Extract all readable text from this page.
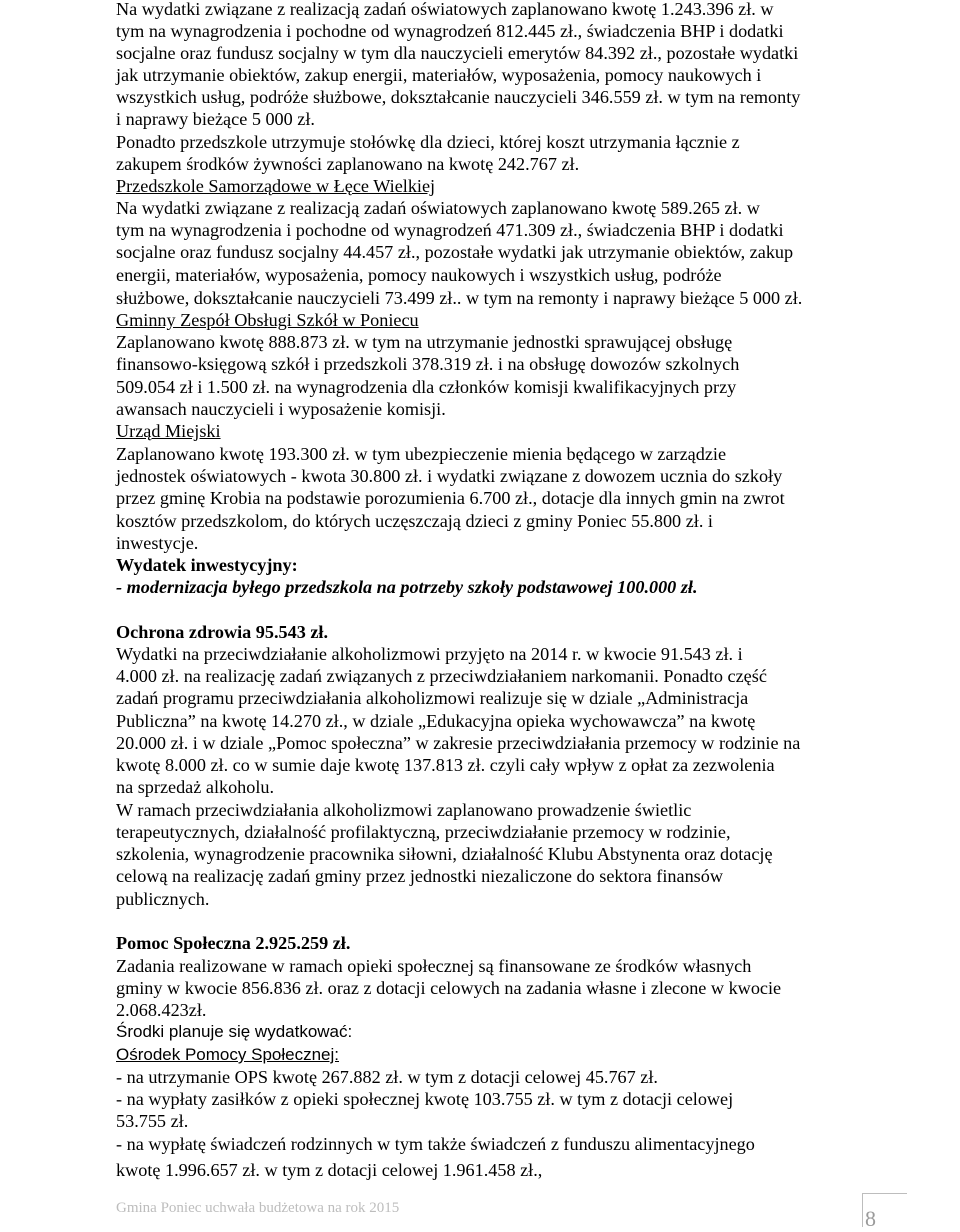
Na wydatki związane z realizacją zadań oświatowych zaplanowano kwotę 1.243.396 zł. w
tym na wynagrodzenia i pochodne od wynagrodzeń 812.445 zł., świadczenia BHP i dodatki
socjalne oraz fundusz socjalny w tym dla nauczycieli emerytów 84.392 zł., pozostałe wydatki
jak utrzymanie obiektów, zakup energii, materiałów, wyposażenia, pomocy naukowych i
wszystkich usług, podróże służbowe, dokształcanie nauczycieli 346.559 zł. w tym na remonty
i naprawy bieżące 5 000 zł.
Ponadto przedszkole utrzymuje stołówkę dla dzieci, której koszt utrzymania łącznie z
zakupem środków żywności zaplanowano na kwotę 242.767 zł.
Przedszkole Samorządowe w Łęce Wielkiej
Na wydatki związane z realizacją zadań oświatowych zaplanowano kwotę 589.265 zł. w
tym na wynagrodzenia i pochodne od wynagrodzeń 471.309 zł., świadczenia BHP i dodatki
socjalne oraz fundusz socjalny 44.457 zł., pozostałe wydatki jak utrzymanie obiektów, zakup
energii, materiałów, wyposażenia, pomocy naukowych i wszystkich usług, podróże
służbowe, dokształcanie nauczycieli 73.499 zł.. w tym na remonty i naprawy bieżące 5 000 zł.
Gminny Zespół Obsługi Szkół w Poniecu
Zaplanowano kwotę 888.873 zł. w tym na utrzymanie jednostki sprawującej obsługę
finansowo-księgową szkół i przedszkoli 378.319 zł. i na obsługę dowozów szkolnych
509.054 zł i 1.500 zł. na wynagrodzenia dla członków komisji kwalifikacyjnych przy
awansach nauczycieli i wyposażenie komisji.
Urząd Miejski
Zaplanowano kwotę 193.300 zł. w tym ubezpieczenie mienia będącego w zarządzie
jednostek oświatowych - kwota 30.800 zł. i wydatki związane z dowozem ucznia do szkoły
przez gminę Krobia na podstawie porozumienia 6.700 zł., dotacje dla innych gmin na zwrot
kosztów przedszkolom, do których uczęszczają dzieci z gminy Poniec 55.800 zł. i
inwestycje.
Wydatek inwestycyjny:
- modernizacja byłego przedszkola na potrzeby szkoły podstawowej 100.000 zł.
Ochrona zdrowia 95.543 zł.
Wydatki na przeciwdziałanie alkoholizmowi przyjęto na 2014 r. w kwocie 91.543 zł. i
4.000 zł. na realizację zadań związanych z przeciwdziałaniem narkomanii. Ponadto część
zadań programu przeciwdziałania alkoholizmowi realizuje się w dziale „Administracja
Publiczna” na kwotę 14.270 zł., w dziale „Edukacyjna opieka wychowawcza” na kwotę
20.000 zł. i w dziale „Pomoc społeczna” w zakresie przeciwdziałania przemocy w rodzinie na
kwotę 8.000 zł. co w sumie daje kwotę 137.813 zł. czyli cały wpływ z opłat za zezwolenia
na sprzedaż alkoholu.
W ramach przeciwdziałania alkoholizmowi zaplanowano prowadzenie świetlic
terapeutycznych, działalność profilaktyczną, przeciwdziałanie przemocy w rodzinie,
szkolenia, wynagrodzenie pracownika siłowni, działalność Klubu Abstynenta oraz dotację
celową na realizację zadań gminy przez jednostki niezaliczone do sektora finansów
publicznych.
Pomoc Społeczna 2.925.259 zł.
Zadania realizowane w ramach opieki społecznej są finansowane ze środków własnych
gminy w kwocie 856.836 zł. oraz z dotacji celowych na zadania własne i zlecone w kwocie
2.068.423zł.
Środki planuje się wydatkować:
Ośrodek Pomocy Społecznej:
- na utrzymanie OPS kwotę 267.882 zł. w tym z dotacji celowej 45.767 zł.
- na wypłaty zasiłków z opieki społecznej kwotę 103.755 zł. w tym z dotacji celowej
53.755 zł.
- na wypłatę świadczeń rodzinnych w tym także świadczeń z funduszu alimentacyjnego
kwotę 1.996.657 zł. w tym z dotacji celowej 1.961.458 zł.,
Gmina Poniec uchwała budżetowa na rok 2015	8
